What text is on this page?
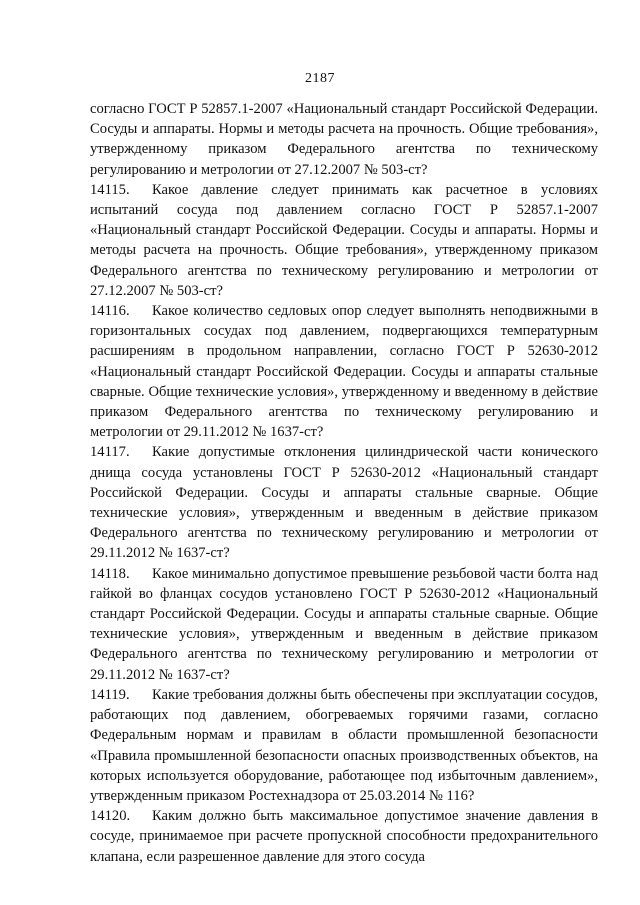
2187

согласно ГОСТ Р 52857.1-2007 «Национальный стандарт Российской Федерации. Сосуды и аппараты. Нормы и методы расчета на прочность. Общие требования», утвержденному приказом Федерального агентства по техническому регулированию и метрологии от 27.12.2007 № 503-ст?

14115. Какое давление следует принимать как расчетное в условиях испытаний сосуда под давлением согласно ГОСТ Р 52857.1-2007 «Национальный стандарт Российской Федерации. Сосуды и аппараты. Нормы и методы расчета на прочность. Общие требования», утвержденному приказом Федерального агентства по техническому регулированию и метрологии от 27.12.2007 № 503-ст?

14116. Какое количество седловых опор следует выполнять неподвижными в горизонтальных сосудах под давлением, подвергающихся температурным расширениям в продольном направлении, согласно ГОСТ Р 52630-2012 «Национальный стандарт Российской Федерации. Сосуды и аппараты стальные сварные. Общие технические условия», утвержденному и введенному в действие приказом Федерального агентства по техническому регулированию и метрологии от 29.11.2012 № 1637-ст?

14117. Какие допустимые отклонения цилиндрической части конического днища сосуда установлены ГОСТ Р 52630-2012 «Национальный стандарт Российской Федерации. Сосуды и аппараты стальные сварные. Общие технические условия», утвержденным и введенным в действие приказом Федерального агентства по техническому регулированию и метрологии от 29.11.2012 № 1637-ст?

14118. Какое минимально допустимое превышение резьбовой части болта над гайкой во фланцах сосудов установлено ГОСТ Р 52630-2012 «Национальный стандарт Российской Федерации. Сосуды и аппараты стальные сварные. Общие технические условия», утвержденным и введенным в действие приказом Федерального агентства по техническому регулированию и метрологии от 29.11.2012 № 1637-ст?

14119. Какие требования должны быть обеспечены при эксплуатации сосудов, работающих под давлением, обогреваемых горячими газами, согласно Федеральным нормам и правилам в области промышленной безопасности «Правила промышленной безопасности опасных производственных объектов, на которых используется оборудование, работающее под избыточным давлением», утвержденным приказом Ростехнадзора от 25.03.2014 № 116?

14120. Каким должно быть максимальное допустимое значение давления в сосуде, принимаемое при расчете пропускной способности предохранительного клапана, если разрешенное давление для этого сосуда
